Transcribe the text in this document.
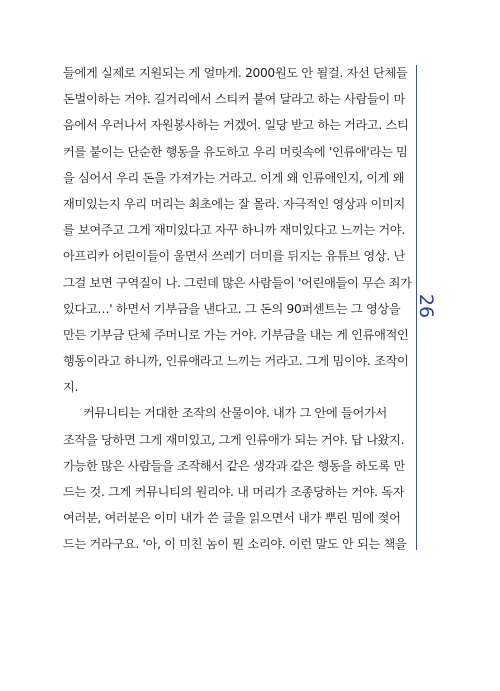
들에게 실제로 지원되는 게 얼마게. 2000원도 안 될걸. 자선 단체들
돈벌이하는 거야. 길거리에서 스티커 붙여 달라고 하는 사람들이 마
음에서 우러나서 자원봉사하는 거겠어. 일당 받고 하는 거라고. 스티
커를 붙이는 단순한 행동을 유도하고 우리 머릿속에 '인류애'라는 밈
을 심어서 우리 돈을 가져가는 거라고. 이게 왜 인류애인지, 이게 왜
재미있는지 우리 머리는 최초에는 잘 몰라. 자극적인 영상과 이미지
를 보여주고 그게 재미있다고 자꾸 하니까 재미있다고 느끼는 거야.
아프리카 어린이들이 울면서 쓰레기 더미를 뒤지는 유튜브 영상. 난
그걸 보면 구역질이 나. 그런데 많은 사람들이 '어린애들이 무슨 죄가
있다고…' 하면서 기부금을 낸다고. 그 돈의 90퍼센트는 그 영상을
만든 기부금 단체 주머니로 가는 거야. 기부금을 내는 게 인류애적인
행동이라고 하니까, 인류애라고 느끼는 거라고. 그게 밈이야. 조작이
지.
커뮤니티는 거대한 조작의 산물이야. 내가 그 안에 들어가서
조작을 당하면 그게 재미있고, 그게 인류애가 되는 거야. 답 나왔지.
가능한 많은 사람들을 조작해서 같은 생각과 같은 행동을 하도록 만
드는 것. 그게 커뮤니티의 원리야. 내 머리가 조종당하는 거야. 독자
여러분, 여러분은 이미 내가 쓴 글을 읽으면서 내가 뿌린 밈에 젖어
드는 거라구요. '아, 이 미친 놈이 뭔 소리야. 이런 말도 안 되는 책을
26
